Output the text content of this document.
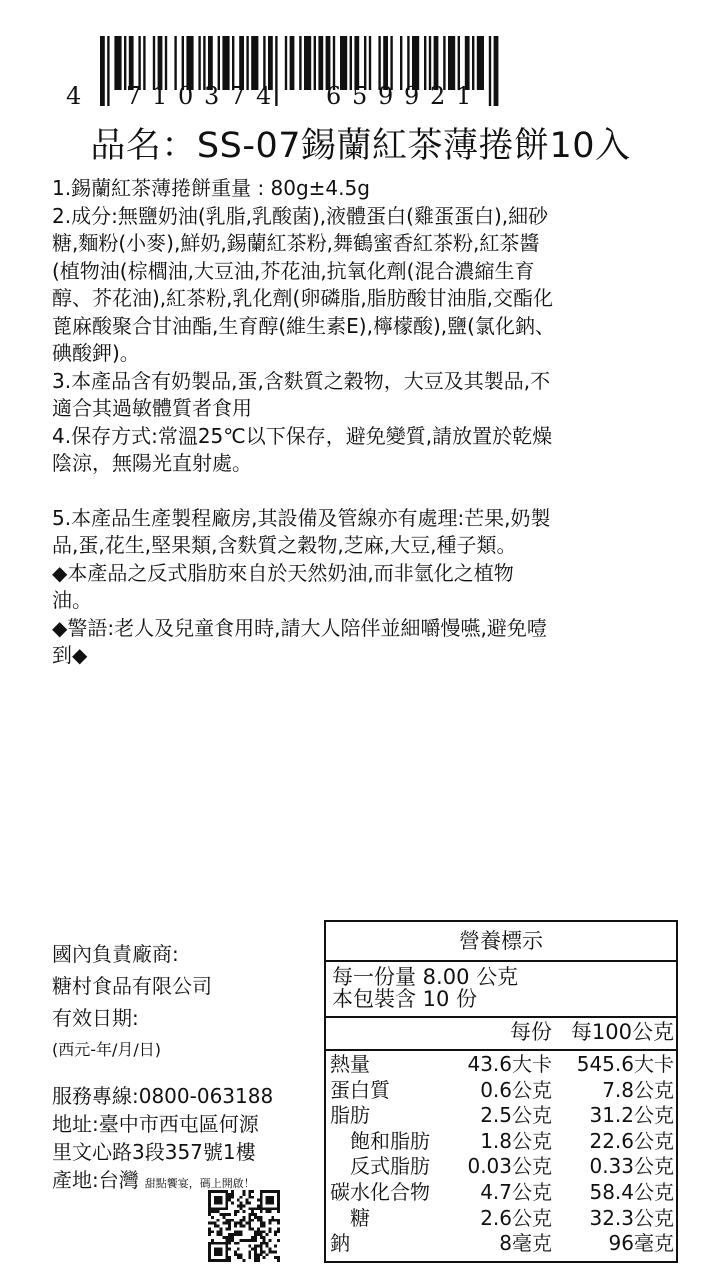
4 7 1 0 3 7 4 6 5 9 9 2 1
品名：SS-07錫蘭紅茶薄捲餅10入
1.錫蘭紅茶薄捲餅重量 : 80g±4.5g
2.成分:無鹽奶油(乳脂,乳酸菌),液體蛋白(雞蛋蛋白),細砂
糖,麵粉(小麥),鮮奶,錫蘭紅茶粉,舞鶴蜜香紅茶粉,紅茶醬
(植物油(棕櫚油,大豆油,芥花油,抗氧化劑(混合濃縮生育
醇、芥花油),紅茶粉,乳化劑(卵磷脂,脂肪酸甘油脂,交酯化
蓖麻酸聚合甘油酯,生育醇(維生素E),檸檬酸),鹽(氯化鈉、
碘酸鉀)。
3.本產品含有奶製品,蛋,含麩質之穀物，大豆及其製品,不
適合其過敏體質者食用
4.保存方式:常溫25℃以下保存，避免變質,請放置於乾燥
陰涼，無陽光直射處。
5.本產品生產製程廠房,其設備及管線亦有處理:芒果,奶製
品,蛋,花生,堅果類,含麩質之穀物,芝麻,大豆,種子類。
◆本產品之反式脂肪來自於天然奶油,而非氫化之植物
油。
◆警語:老人及兒童食用時,請大人陪伴並細嚼慢嚥,避免噎
到◆
國內負責廠商:
糖村食品有限公司
有效日期:
(西元-年/月/日)
服務專線:0800-063188
地址:臺中市西屯區何源
里文心路3段357號1樓
產地:台灣 甜點饗宴，碼上開啟！
營養標示
每一份量 8.00 公克
本包裝含 10 份
每份 每100公克
熱量	43.6大卡 545.6大卡
蛋白質	0.6公克	7.8公克
脂肪	2.5公克 31.2公克
　飽和脂肪	1.8公克 22.6公克
　反式脂肪 0.03公克 0.33公克
碳水化合物	4.7公克 58.4公克
　糖	2.6公克 32.3公克
鈉	8毫克	96毫克
